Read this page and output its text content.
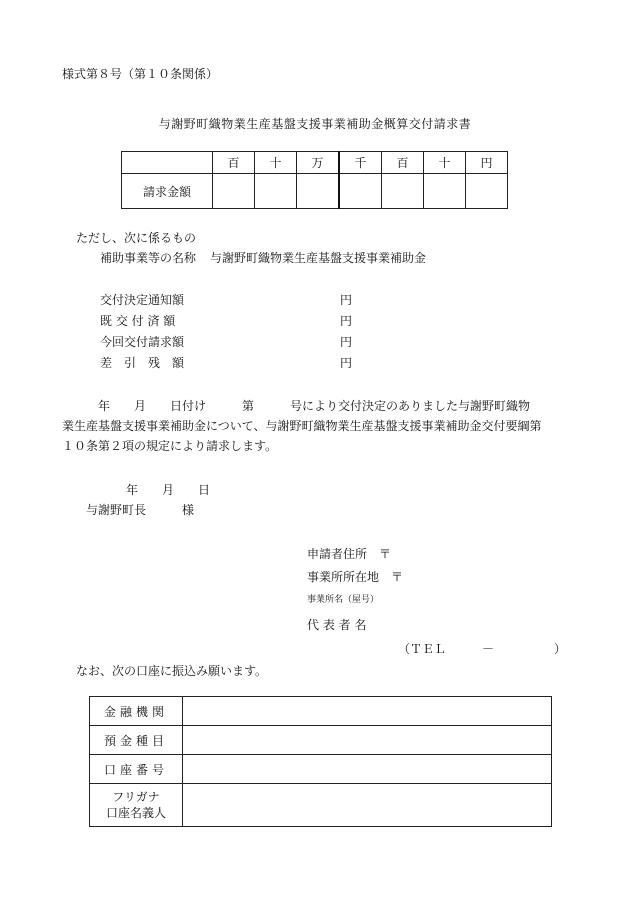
様式第８号（第１０条関係）
与謝野町織物業生産基盤支援事業補助金概算交付請求書
	百	十	万	千	百	十	円
請求金額							
ただし、次に係るもの
補助事業等の名称 与謝野町織物業生産基盤支援事業補助金
交付決定通知額	円
既 交 付 済 額	円
今回交付請求額	円
差　引　残　額	円
　　　年　　月　　日付け　　　第　　　号により交付決定のありました与謝野町織物
業生産基盤支援事業補助金について、与謝野町織物業生産基盤支援事業補助金交付要綱第
１０条第２項の規定により請求します。
年　　月　　日
与謝野町長　　　様
申請者住所　〒
事業所所在地　〒
事業所名（屋号）
代 表 者 名
（ＴＥＬ　　　－　　　　　）
なお、次の口座に振込み願います。
金融機関	
預金種目	
口座番号	

フリガナ
口座名義人	
